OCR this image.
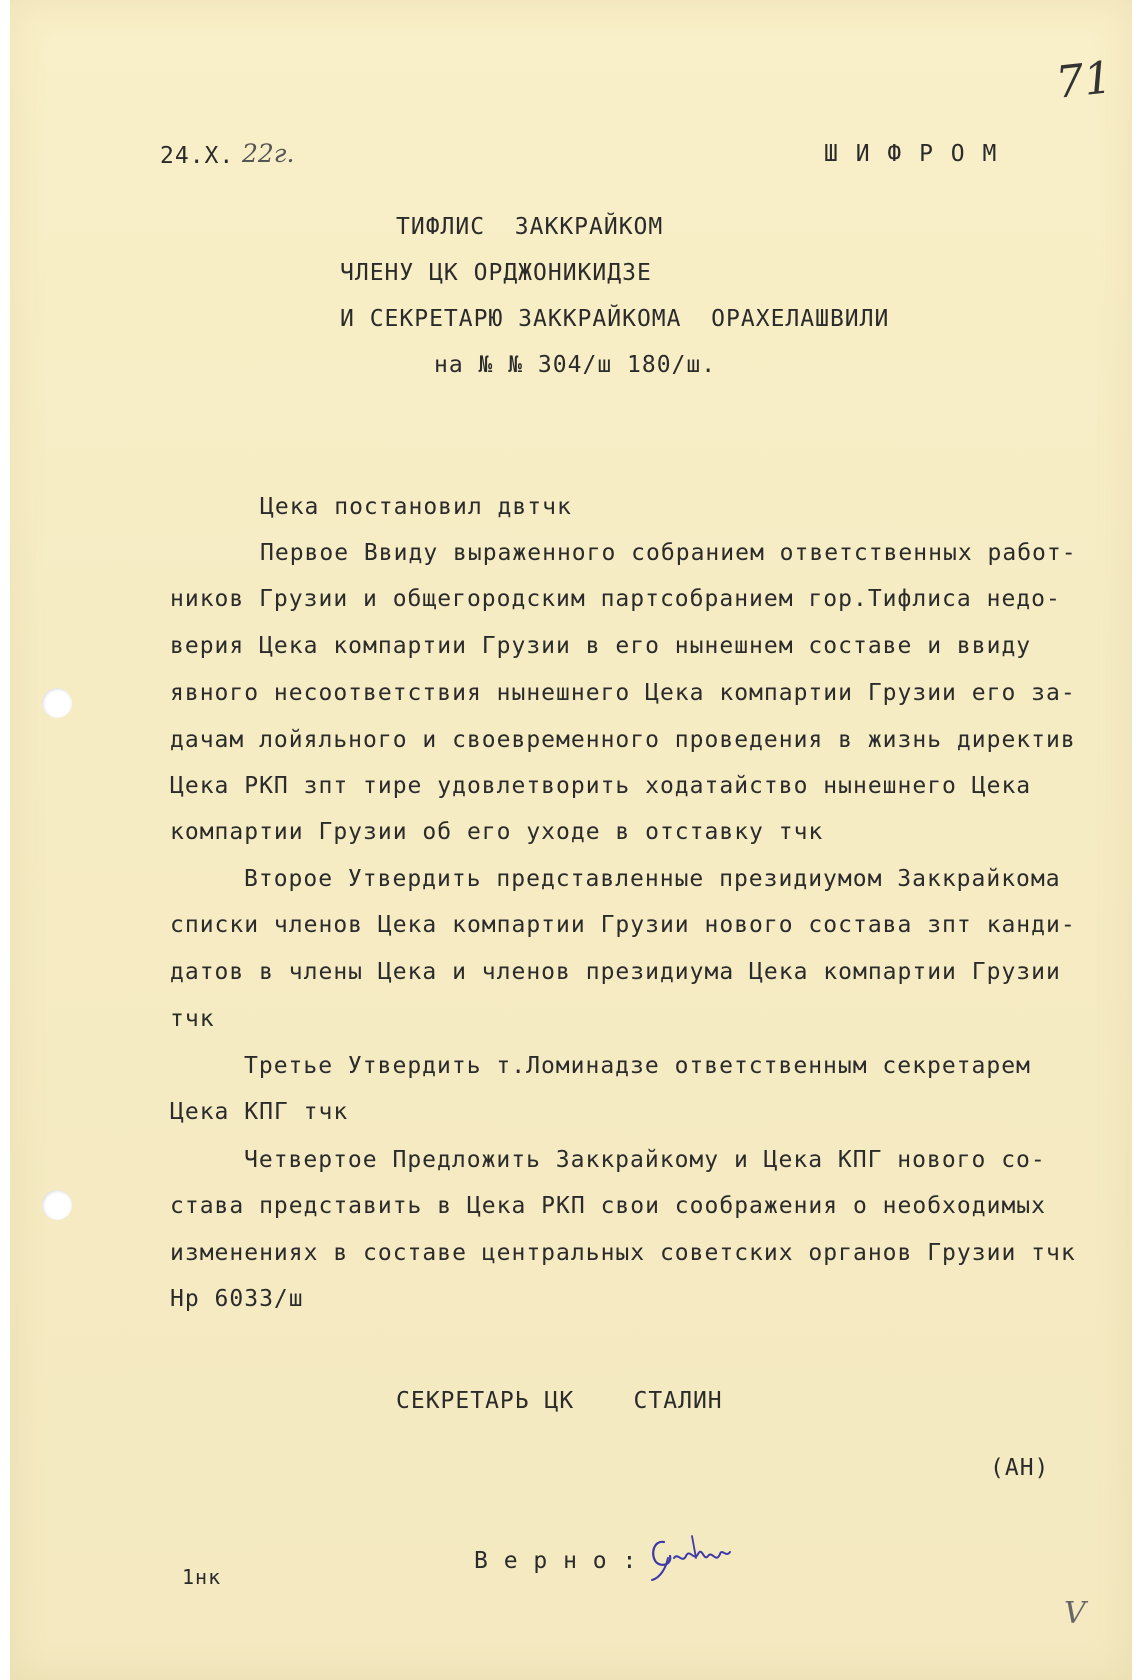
71
24.X. 22г.	Ш И Ф Р О М
ТИФЛИС  ЗАККРАЙКОМ
ЧЛЕНУ ЦК ОРДЖОНИКИДЗЕ
И СЕКРЕТАРЮ ЗАККРАЙКОМА  ОРАХЕЛАШВИЛИ
на № № 304/ш 180/ш.
Цека постановил двтчк
Первое Ввиду выраженного собранием ответственных работ-
ников Грузии и общегородским партсобранием гор.Тифлиса недо-
верия Цека компартии Грузии в его нынешнем составе и ввиду
явного несоответствия нынешнего Цека компартии Грузии его за-
дачам лойяльного и своевременного проведения в жизнь директив
Цека РКП зпт тире удовлетворить ходатайство нынешнего Цека
компартии Грузии об его уходе в отставку тчк
Второе Утвердить представленные президиумом Заккрайкома
списки членов Цека компартии Грузии нового состава зпт канди-
датов в члены Цека и членов президиума Цека компартии Грузии
тчк
Третье Утвердить т.Ломинадзе ответственным секретарем
Цека КПГ тчк
Четвертое Предложить Заккрайкому и Цека КПГ нового со-
става представить в Цека РКП свои соображения о необходимых
изменениях в составе центральных советских органов Грузии тчк
Нр 6033/ш
СЕКРЕТАРЬ ЦК    СТАЛИН
(АН)
1нк
В е р н о :
V
